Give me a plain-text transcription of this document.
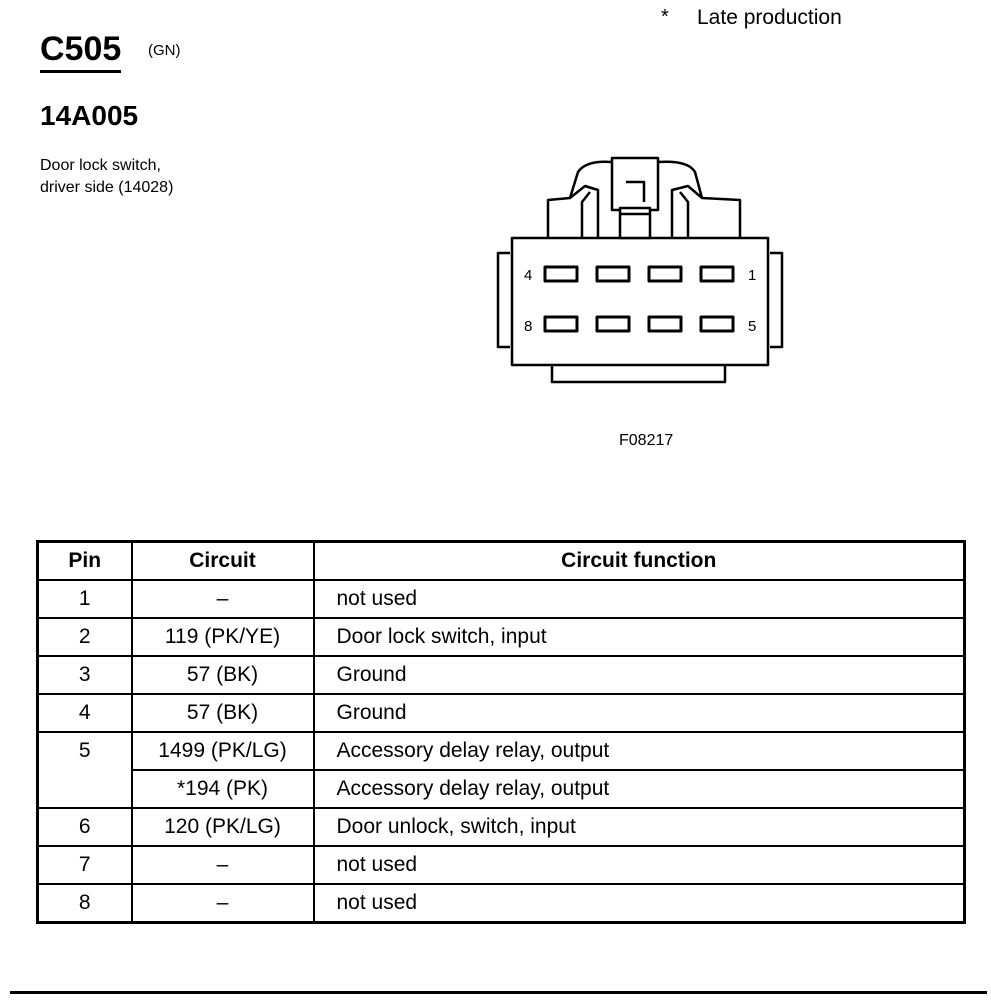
* Late production
C505 (GN)
14A005
Door lock switch,
driver side (14028)
4	1
8	5
F08217
Pin	Circuit	Circuit function
1	–	not used
2	119 (PK/YE)	Door lock switch, input
3	57 (BK)	Ground
4	57 (BK)	Ground
5	1499 (PK/LG)	Accessory delay relay, output
	*194 (PK)	Accessory delay relay, output
6	120 (PK/LG)	Door unlock, switch, input
7	–	not used
8	–	not used
